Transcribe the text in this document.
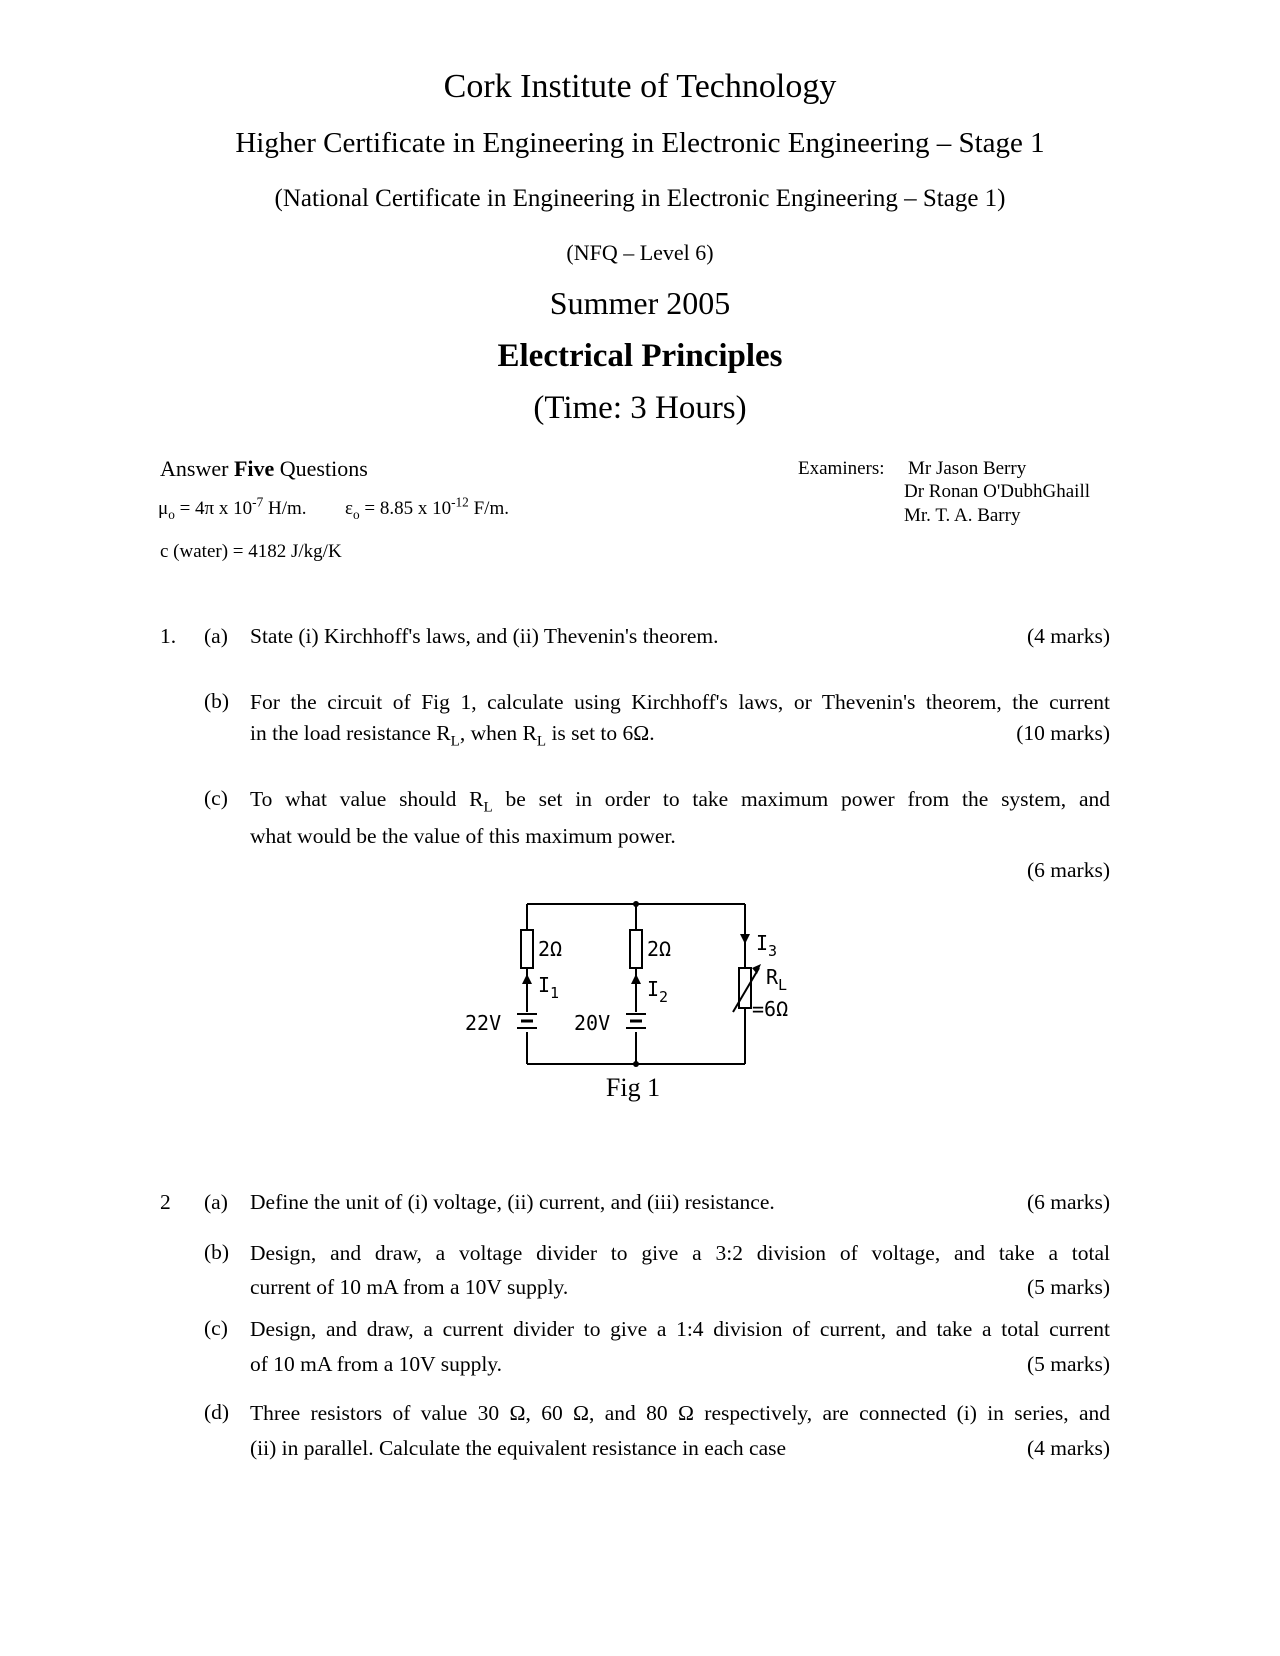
Cork Institute of Technology
Higher Certificate in Engineering in Electronic Engineering – Stage 1
(National Certificate in Engineering in Electronic Engineering – Stage 1)
(NFQ – Level 6)
Summer 2005
Electrical Principles
(Time: 3 Hours)
Answer Five Questions
$\mu_o = 4\pi$ x $10^{-7}$ H/m. $\varepsilon_o = 8.85$ x $10^{-12}$ F/m.
c (water) = 4182 J/kg/K
Examiners: Mr Jason Berry
Dr Ronan O'DubhGhaill
Mr. T. A. Barry
1. (a) State (i) Kirchhoff's laws, and (ii) Thevenin's theorem.	(4 marks)
(b) For the circuit of Fig 1, calculate using Kirchhoff's laws, or Thevenin's theorem, the current
in the load resistance $R_L$, when $R_L$ is set to 6Ω.	(10 marks)
(c) To what value should $R_L$ be set in order to take maximum power from the system, and
what would be the value of this maximum power.
(6 marks)
2Ω	2Ω
$I_1$	$I_2$
$I_3$
$R_L$
=6Ω
22V	20V
Fig 1
2 (a) Define the unit of (i) voltage, (ii) current, and (iii) resistance.	(6 marks)
(b) Design, and draw, a voltage divider to give a 3:2 division of voltage, and take a total
current of 10 mA from a 10V supply.	(5 marks)
(c) Design, and draw, a current divider to give a 1:4 division of current, and take a total current
of 10 mA from a 10V supply.	(5 marks)
(d) Three resistors of value 30 Ω, 60 Ω, and 80 Ω respectively, are connected (i) in series, and
(ii) in parallel. Calculate the equivalent resistance in each case	(4 marks)
